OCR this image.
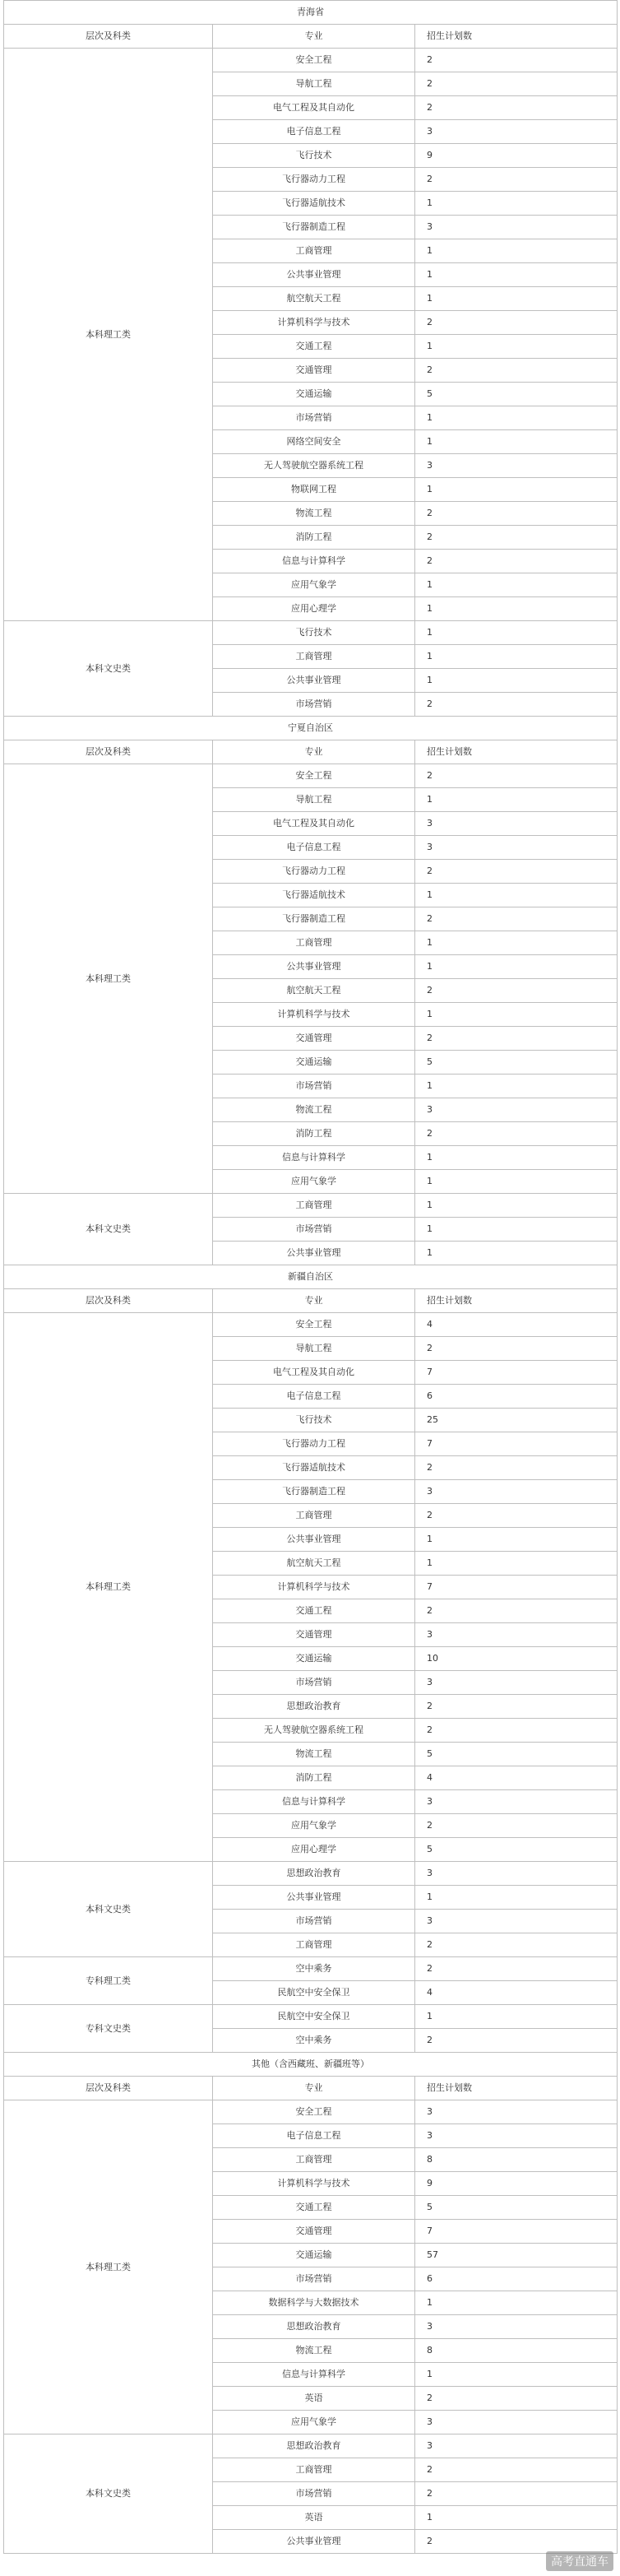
青海省		
层次及科类	专业	招生计划数
本科理工类	安全工程	2
	导航工程	2
	电气工程及其自动化	2
	电子信息工程	3
	飞行技术	9
	飞行器动力工程	2
	飞行器适航技术	1
	飞行器制造工程	3
	工商管理	1
	公共事业管理	1
	航空航天工程	1
	计算机科学与技术	2
	交通工程	1
	交通管理	2
	交通运输	5
	市场营销	1
	网络空间安全	1
	无人驾驶航空器系统工程	3
	物联网工程	1
	物流工程	2
	消防工程	2
	信息与计算科学	2
	应用气象学	1
	应用心理学	1
本科文史类	飞行技术	1
	工商管理	1
	公共事业管理	1
	市场营销	2
宁夏自治区		
层次及科类	专业	招生计划数
本科理工类	安全工程	2
	导航工程	1
	电气工程及其自动化	3
	电子信息工程	3
	飞行器动力工程	2
	飞行器适航技术	1
	飞行器制造工程	2
	工商管理	1
	公共事业管理	1
	航空航天工程	2
	计算机科学与技术	1
	交通管理	2
	交通运输	5
	市场营销	1
	物流工程	3
	消防工程	2
	信息与计算科学	1
	应用气象学	1
本科文史类	工商管理	1
	市场营销	1
	公共事业管理	1
新疆自治区		
层次及科类	专业	招生计划数
本科理工类	安全工程	4
	导航工程	2
	电气工程及其自动化	7
	电子信息工程	6
	飞行技术	25
	飞行器动力工程	7
	飞行器适航技术	2
	飞行器制造工程	3
	工商管理	2
	公共事业管理	1
	航空航天工程	1
	计算机科学与技术	7
	交通工程	2
	交通管理	3
	交通运输	10
	市场营销	3
	思想政治教育	2
	无人驾驶航空器系统工程	2
	物流工程	5
	消防工程	4
	信息与计算科学	3
	应用气象学	2
	应用心理学	5
本科文史类	思想政治教育	3
	公共事业管理	1
	市场营销	3
	工商管理	2
专科理工类	空中乘务	2
	民航空中安全保卫	4
专科文史类	民航空中安全保卫	1
	空中乘务	2
其他（含西藏班、新疆班等）		
层次及科类	专业	招生计划数
本科理工类	安全工程	3
	电子信息工程	3
	工商管理	8
	计算机科学与技术	9
	交通工程	5
	交通管理	7
	交通运输	57
	市场营销	6
	数据科学与大数据技术	1
	思想政治教育	3
	物流工程	8
	信息与计算科学	1
	英语	2
	应用气象学	3
本科文史类	思想政治教育	3
	工商管理	2
	市场营销	2
	英语	1
	公共事业管理	2
高考直通车
